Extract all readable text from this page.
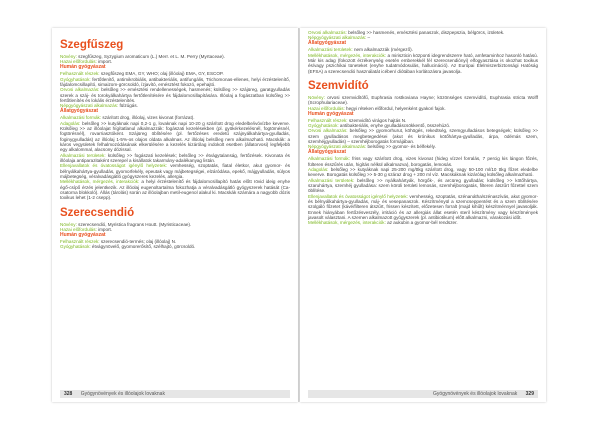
Szegfűszeg

Növény: szegfűszeg, Syzygium aromaticum (L.) Merr. et L. M. Perry (Myrtaceae).

Hazai előfordulás: import.

Humán gyógyászat

Felhasznált részek: szegfűszeg EMA, GY, WHO; olaj (illóolaj) EMA, GY, ESCOP.

Gyógyhatások: fertőtlenítő, antimikrobiális, antibakteriális, antifungális, Trichomonas-ellenes, helyi érzéstelenítő, fájdalomcsillapító, simaizom-görcsoldó, ízjavító, emésztést fokozó, epehajtó.

Orvosi alkalmazás: belsőleg >> emésztési rendellenességek, hasmenés; külsőleg >> szájüreg, garatgyulladás szerek a száj- és torokyálkahártya fertőtlenítésére és fájdalomcsillapítására. Illóolaj a fogászatban külsőleg >> fertőtlenítés és lokális érzéstelenítés.

Népgyógyászati alkalmazás: fülzúgás.

Állatgyógyászat

Alkalmazási formák: szárított drog, illóolaj, vizes kivonat (forrázat).

Adagolás: belsőleg >> kutyáknak napi 0,2-1 g, lovaknak napi 10-20 g szárított drog eledelbe/ivóvízbe keverve. Külsőleg >> az illóolajat hígítatlanul alkalmazzák: fogászati kezelésekben (pl. gyökérkezelésnél, fogtömésnél, fogtörésnél), rovarriasztóként. Szájüreg öblítésére (pl. fertőzéses eredetű szájnyálkahártya-gyulladás, foginygyulladás) az illóolaj 1-5%-os olajos oldata alkalmas. Az illóolaj belsőleg nem alkalmazható. Macskák: a káros vegyületek felhalmozódásának elkerülésére a kezelés kizárólag indokolt esetben (állatorvosi) legfeljebb egy alkalommal, alacsony dózissal.

Alkalmazási területek: külsőleg >> fogászati kezelések; belsőleg >> étvágytalanság, fertőzések. Kivonata és illóolaja antiparazitaként szerepel a kisállatok takarmány-adalékanyag listán.

Ellenjavallatok és óvatosságot igénylő helyzetek: vemhesség, szoptatás, fiatal életkor, akut gyomor- és bélnyálkahártya-gyulladás, gyomorfekély, epeutak vagy májbetegségei, elzáródása, epekő, májgyulladás, súlyos májbetegség, véralvadásgátló gyógyszeres kezelés, allergia.

Mellékhatások, mérgezés, interakciók: a helyi érzéstelenítő és fájdalomcsillapító hatás előtt rövid ideig enyhe égő-csípő érzés jelentkezik. Az illóolaj eugenoltartalma fokozhatja a véralvadásgátló gyógyszerek hatását (Ca-csatorna blokkoló). Állás (tárolás) során az illóolajban metil-eugenol alakul ki. Macskák számára a nagyobb dózis toxikus lehet (1-2 csepp).

Szerecsendió

Növény: szerecsendió, Myristica fragrans Houtt. (Myristicaceae).

Hazai előfordulás: import.

Humán gyógyászat

Felhasznált részek: szerecsendió-termés; olaj (illóolaj) N.

Gyógyhatások: étvágynövelő, gyomorerősítő, szélhajtó, görcsoldó.

328 Gyógynövények és illóolajok lovaknak

Orvosi alkalmazás: belsőleg >> hasmenés, emésztési panaszok, diszpepszia, bélgörcs, izületek.

Népgyógyászati alkalmazás: –

Állatgyógyászat

Alkalmazási területek: nem alkalmazzák (mérgező).

Mellékhatások, mérgezés, interakciók: a miriszticin központi idegrendszerre ható, amfetaminhoz hasonló hatású. Már kis adag (fokozott érzékenység esetén emberekkél fél szerecsendiónyi) elfogyasztása is okozhat toxikus és/vagy pszichikai tüneteket (enyhe tudatmódosulás, hallucináció). Az Európai Élelmiszerbiztonsági Hatóság (EFSA) a szerecsendió használatát icében/ diótában korlátozásra javasolja.

Szemvidító

Növény: orvosi szemvidítófű, Euphrasia rostkoviana Hayne; közönséges szemvidító, Euphrasia stricta Wolff (Scrophulariaceae).

Hazai előfordulás: hegyi réteken előfordul, helyenként gyakori fajok.

Humán gyógyászat

Felhasznált részek: szemvidító virágos hajtás N.

Gyógyhatások: antibakteriális, enyhe gyulladáscsökkentő, összehúzó.

Orvosi alkalmazás: belsőleg >> gyomorhurut, köhögés, rekedtség, szemgyulladásos betegségek; külsőleg >> szem gyulladásos megbetegedései (akut és krónikus kötőhártya-gyulladás, árpa, ödémás szem, szemhéjgyulladás) – szemhéjborogatás formájában.

Népgyógyászati alkalmazás: belsőleg >> gyomor- és bélfekély.

Állatgyógyászat

Alkalmazási formák: friss vagy szárított drog, vizes kivonat (hideg vízzel forralás, 7 percig kis lángon főzés, fülteren ésszűrés után, higítás nélkül alkalmazva), borogatás, lemosás.

Adagolás: belsőleg >> kutyáknak napi 25-200 mg/ttkg szárított drog, vagy 50-100 ml/10 ttkg főzet eledelbe keverve. Borogatás külsőleg >> 5-30 g száraz drog + 200 ml víz. Macskáknak kizárólag külsőleg alkalmazható.

Alkalmazási területek: belsőleg >> nyálkahártyák, hörgők-, és arcüreg gyulladás; külsőleg >> kötőhártya, szaruhártya, szemhéj gyulladása: szem körüli területi lemosás, szemhéjborogatás, filteren átszűrt főzettel szem öblítése.

Ellenjavallatok és óvatosságot igénylő helyzetek: vemhesség, szoptatás, szénanátha/szénaszívás, akut gyomor- és bélnyálkahártya-gyulladás, máj- és vesepanaszok. Készítményül a szemcseppentést és a szem öblítésére szolgáló főzetet (kávé/filteren átszűrt, frissen készített, előzetesen forralt (majd kihűlt) készítménnyel javasolják. Ennek hiányában fertőzésveszély, irritáció és az allergiás állat esetén steril készítmény vagy készítmények javasolt választani. A szemen alkalmazott gyógyszerek (pl. antibiotikum) előtt alkalmazni, várakozási időt.

Mellékhatások, mérgezés, interakciók: az aukubin a gyomor-bél rendszer.

Gyógynövények és illóolajok lovaknak 329
